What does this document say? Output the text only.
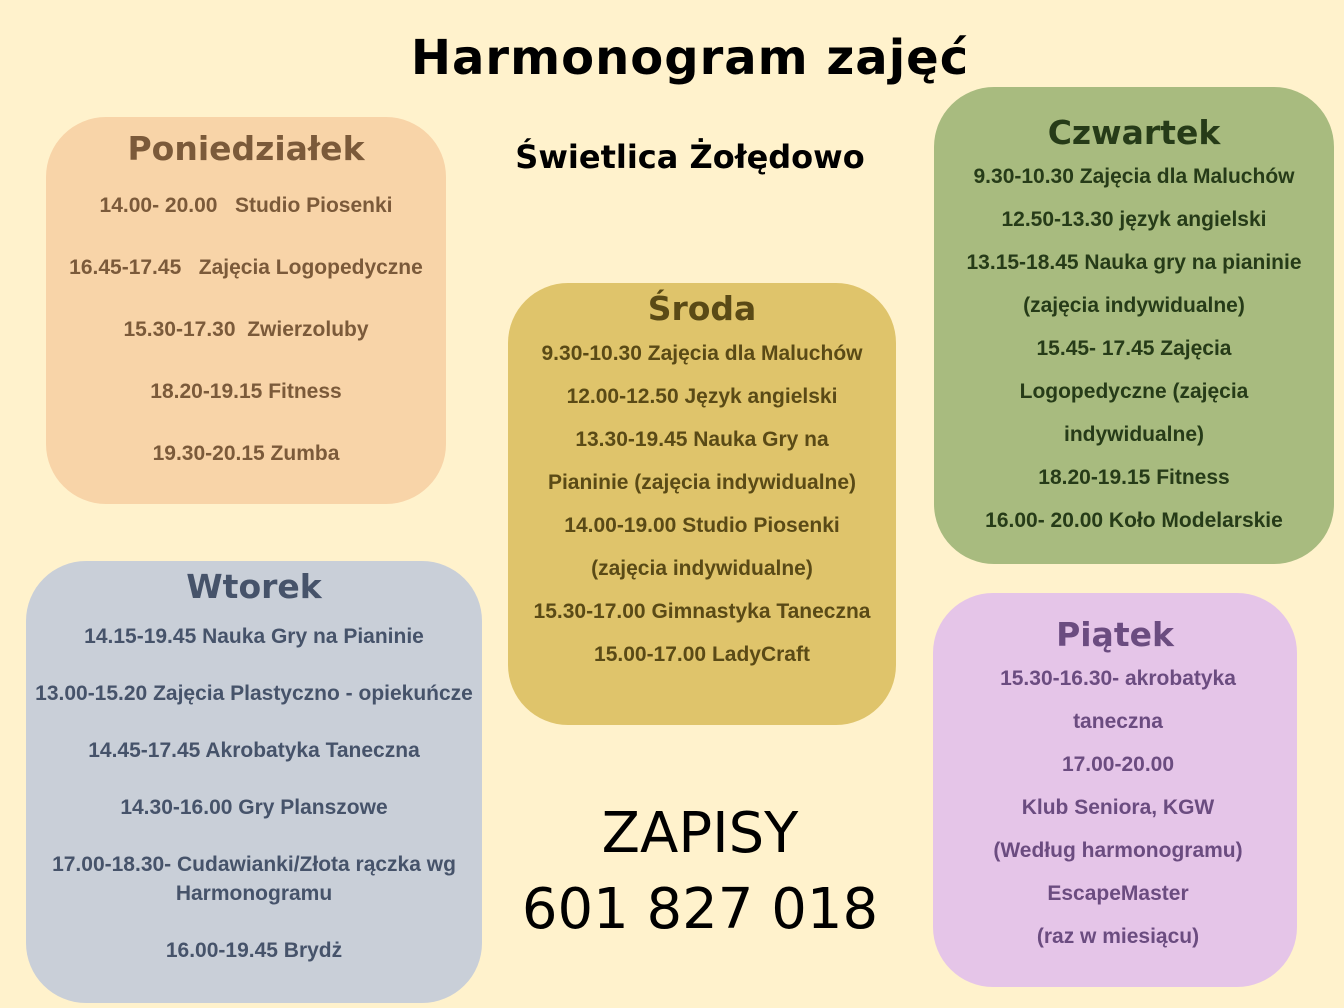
Harmonogram zajęć
Świetlica Żołędowo
Poniedziałek
14.00- 20.00   Studio Piosenki
16.45-17.45   Zajęcia Logopedyczne
15.30-17.30  Zwierzoluby
18.20-19.15 Fitness
19.30-20.15 Zumba
Wtorek
14.15-19.45 Nauka Gry na Pianinie
13.00-15.20 Zajęcia Plastyczno - opiekuńcze
14.45-17.45 Akrobatyka Taneczna
14.30-16.00 Gry Planszowe
17.00-18.30- Cudawianki/Złota rączka wg Harmonogramu
16.00-19.45 Brydż
Środa
9.30-10.30 Zajęcia dla Maluchów
12.00-12.50 Język angielski
13.30-19.45 Nauka Gry na Pianinie (zajęcia indywidualne)
14.00-19.00 Studio Piosenki (zajęcia indywidualne)
15.30-17.00 Gimnastyka Taneczna
15.00-17.00 LadyCraft
Czwartek
9.30-10.30 Zajęcia dla Maluchów
12.50-13.30 język angielski
13.15-18.45 Nauka gry na pianinie (zajęcia indywidualne)
15.45- 17.45 Zajęcia Logopedyczne (zajęcia indywidualne)
18.20-19.15 Fitness
16.00- 20.00 Koło Modelarskie
Piątek
15.30-16.30- akrobatyka taneczna
17.00-20.00
Klub Seniora, KGW
(Według harmonogramu)
EscapeMaster
(raz w miesiącu)
ZAPISY
601 827 018
